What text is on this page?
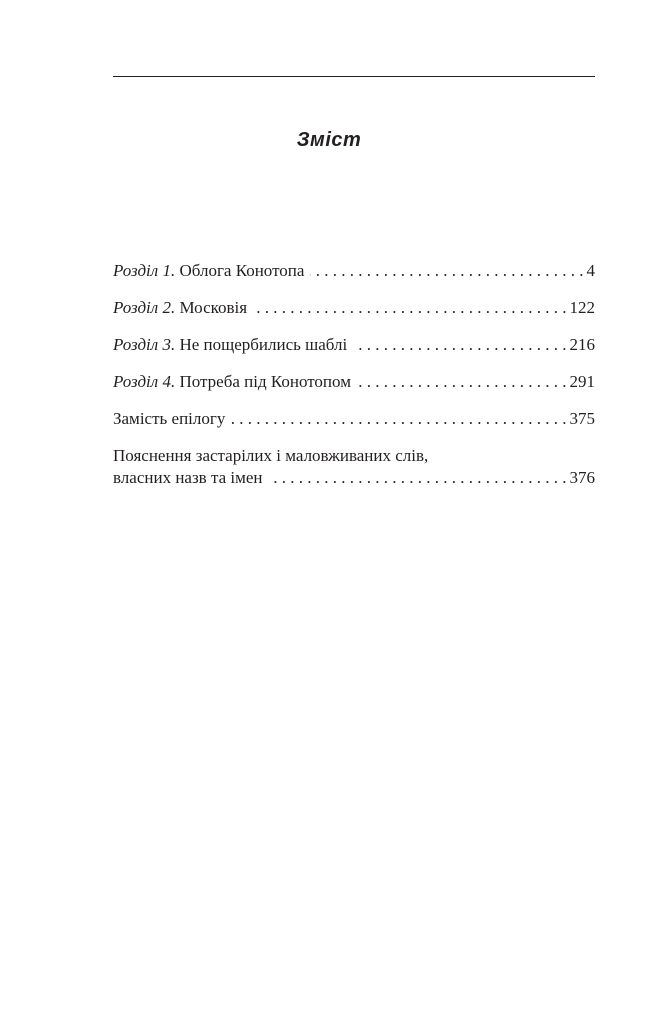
Зміст
Розділ 1. Облога Конотопа . . .	4
Розділ 2. Московія . . .	122
Розділ 3. Не пощербились шаблі . . .	216
Розділ 4. Потреба під Конотопом . . .	291
Замість епілогу . . .	375
Пояснення застарілих і маловживаних слів,
власних назв та імен . . .	376
